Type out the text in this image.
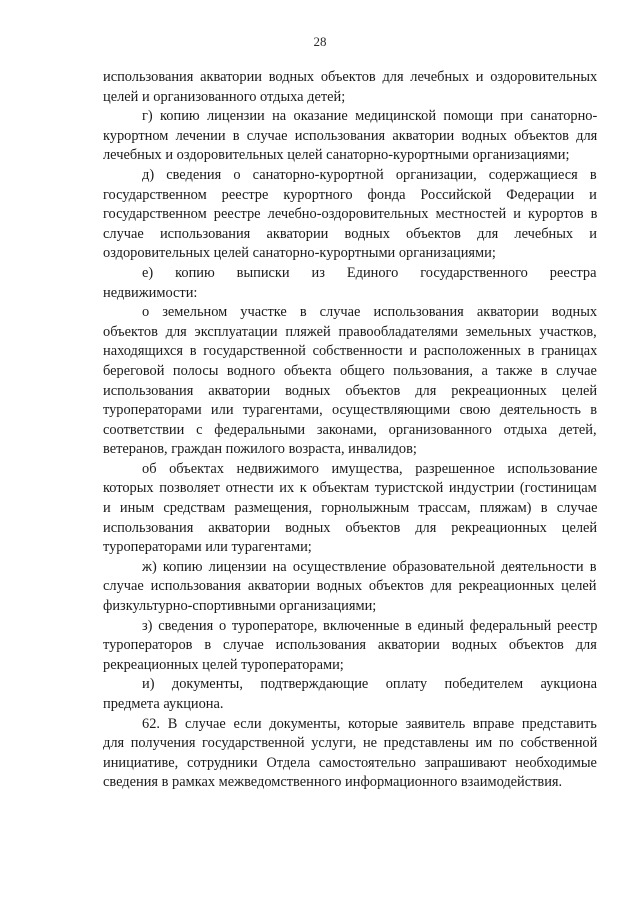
28
использования акватории водных объектов для лечебных и оздоровительных
целей и организованного отдыха детей;
г) копию лицензии на оказание медицинской помощи при санаторно-
курортном лечении в случае использования акватории водных объектов для
лечебных и оздоровительных целей санаторно-курортными организациями;
д) сведения о санаторно-курортной организации, содержащиеся в
государственном реестре курортного фонда Российской Федерации и
государственном реестре лечебно-оздоровительных местностей и курортов в
случае использования акватории водных объектов для лечебных и
оздоровительных целей санаторно-курортными организациями;
е) копию выписки из Единого государственного реестра
недвижимости:
о земельном участке в случае использования акватории водных
объектов для эксплуатации пляжей правообладателями земельных участков,
находящихся в государственной собственности и расположенных в границах
береговой полосы водного объекта общего пользования, а также в случае
использования акватории водных объектов для рекреационных целей
туроператорами или турагентами, осуществляющими свою деятельность в
соответствии с федеральными законами, организованного отдыха детей,
ветеранов, граждан пожилого возраста, инвалидов;
об объектах недвижимого имущества, разрешенное использование
которых позволяет отнести их к объектам туристской индустрии (гостиницам
и иным средствам размещения, горнолыжным трассам, пляжам) в случае
использования акватории водных объектов для рекреационных целей
туроператорами или турагентами;
ж) копию лицензии на осуществление образовательной деятельности в
случае использования акватории водных объектов для рекреационных целей
физкультурно-спортивными организациями;
з) сведения о туроператоре, включенные в единый федеральный реестр
туроператоров в случае использования акватории водных объектов для
рекреационных целей туроператорами;
и) документы, подтверждающие оплату победителем аукциона
предмета аукциона.
62. В случае если документы, которые заявитель вправе представить
для получения государственной услуги, не представлены им по собственной
инициативе, сотрудники Отдела самостоятельно запрашивают необходимые
сведения в рамках межведомственного информационного взаимодействия.
